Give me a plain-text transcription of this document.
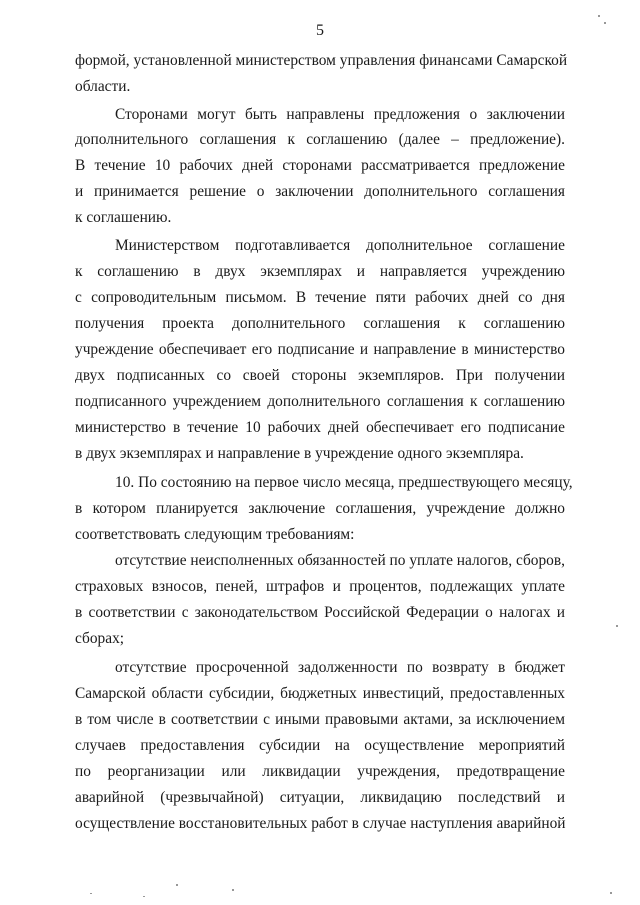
5
формой, установленной министерством управления финансами Самарской
области.
Сторонами могут быть направлены предложения о заключении
дополнительного соглашения к соглашению (далее – предложение).
В течение 10 рабочих дней сторонами рассматривается предложение
и принимается решение о заключении дополнительного соглашения
к соглашению.
Министерством подготавливается дополнительное соглашение
к соглашению в двух экземплярах и направляется учреждению
с сопроводительным письмом. В течение пяти рабочих дней со дня
получения проекта дополнительного соглашения к соглашению
учреждение обеспечивает его подписание и направление в министерство
двух подписанных со своей стороны экземпляров. При получении
подписанного учреждением дополнительного соглашения к соглашению
министерство в течение 10 рабочих дней обеспечивает его подписание
в двух экземплярах и направление в учреждение одного экземпляра.
10. По состоянию на первое число месяца, предшествующего месяцу,
в котором планируется заключение соглашения, учреждение должно
соответствовать следующим требованиям:
отсутствие неисполненных обязанностей по уплате налогов, сборов,
страховых взносов, пеней, штрафов и процентов, подлежащих уплате
в соответствии с законодательством Российской Федерации о налогах и
сборах;
отсутствие просроченной задолженности по возврату в бюджет
Самарской области субсидии, бюджетных инвестиций, предоставленных
в том числе в соответствии с иными правовыми актами, за исключением
случаев предоставления субсидии на осуществление мероприятий
по реорганизации или ликвидации учреждения, предотвращение
аварийной (чрезвычайной) ситуации, ликвидацию последствий и
осуществление восстановительных работ в случае наступления аварийной
